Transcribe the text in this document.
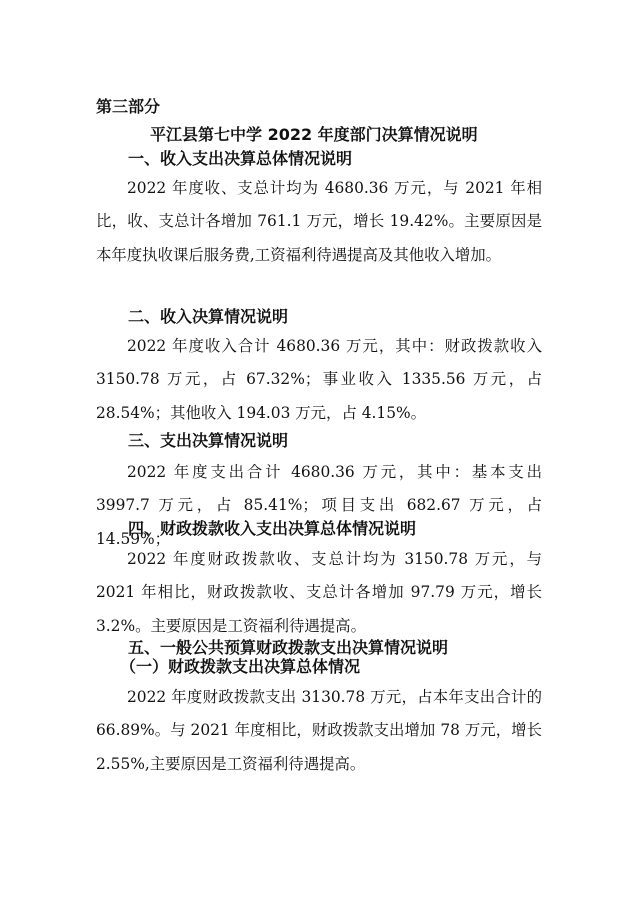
第三部分
平江县第七中学 2022 年度部门决算情况说明
一、收入支出决算总体情况说明

2022 年度收、支总计均为 4680.36 万元，与 2021 年相比，收、支总计各增加 761.1 万元，增长 19.42%。主要原因是本年度执收课后服务费,工资福利待遇提高及其他收入增加。

二、收入决算情况说明

2022 年度收入合计 4680.36 万元，其中：财政拨款收入 3150.78 万元，占 67.32%；事业收入 1335.56 万元，占 28.54%；其他收入 194.03 万元，占 4.15%。

三、支出决算情况说明

2022 年度支出合计 4680.36 万元，其中：基本支出 3997.7 万元，占 85.41%；项目支出 682.67 万元，占 14.59%；

四、财政拨款收入支出决算总体情况说明

2022 年度财政拨款收、支总计均为 3150.78 万元，与 2021 年相比，财政拨款收、支总计各增加 97.79 万元，增长 3.2%。主要原因是工资福利待遇提高。

五、一般公共预算财政拨款支出决算情况说明
（一）财政拨款支出决算总体情况

2022 年度财政拨款支出 3130.78 万元，占本年支出合计的 66.89%。与 2021 年度相比，财政拨款支出增加 78 万元，增长 2.55%,主要原因是工资福利待遇提高。
